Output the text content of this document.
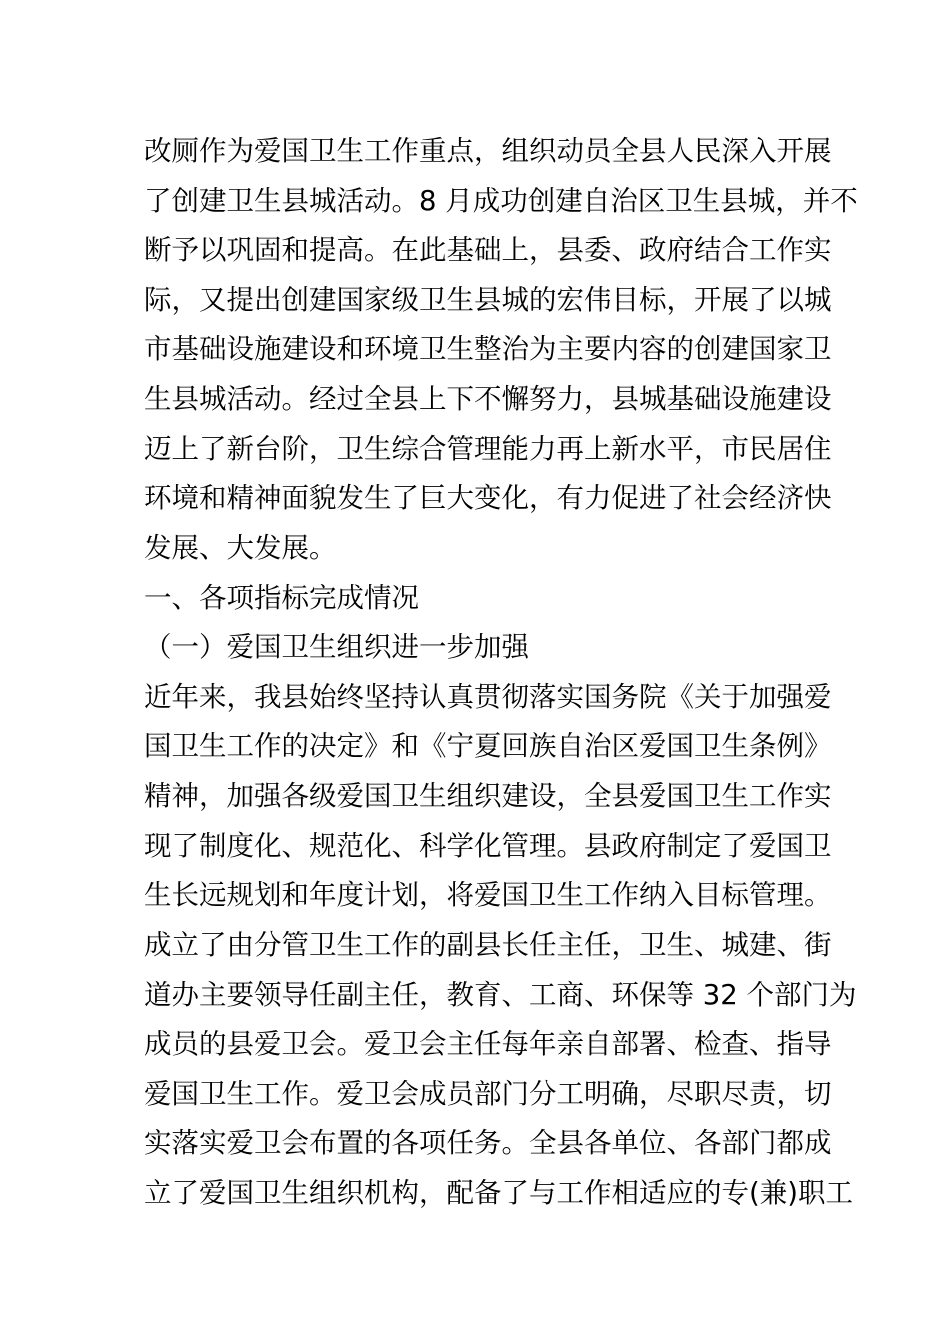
改厕作为爱国卫生工作重点，组织动员全县人民深入开展
了创建卫生县城活动。8 月成功创建自治区卫生县城，并不
断予以巩固和提高。在此基础上，县委、政府结合工作实
际，又提出创建国家级卫生县城的宏伟目标，开展了以城
市基础设施建设和环境卫生整治为主要内容的创建国家卫
生县城活动。经过全县上下不懈努力，县城基础设施建设
迈上了新台阶，卫生综合管理能力再上新水平，市民居住
环境和精神面貌发生了巨大变化，有力促进了社会经济快
发展、大发展。
一、各项指标完成情况
（一）爱国卫生组织进一步加强
近年来，我县始终坚持认真贯彻落实国务院《关于加强爱
国卫生工作的决定》和《宁夏回族自治区爱国卫生条例》
精神，加强各级爱国卫生组织建设，全县爱国卫生工作实
现了制度化、规范化、科学化管理。县政府制定了爱国卫
生长远规划和年度计划，将爱国卫生工作纳入目标管理。
成立了由分管卫生工作的副县长任主任，卫生、城建、街
道办主要领导任副主任，教育、工商、环保等 32 个部门为
成员的县爱卫会。爱卫会主任每年亲自部署、检查、指导
爱国卫生工作。爱卫会成员部门分工明确，尽职尽责，切
实落实爱卫会布置的各项任务。全县各单位、各部门都成
立了爱国卫生组织机构，配备了与工作相适应的专(兼)职工
